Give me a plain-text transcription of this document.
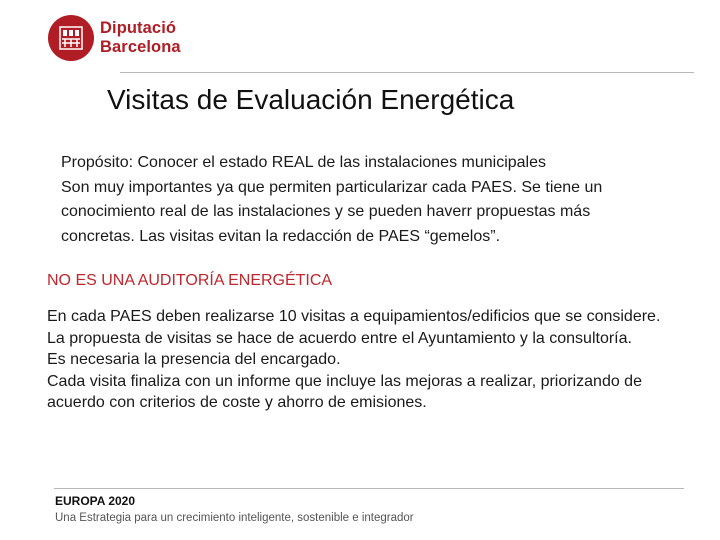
Diputació
Barcelona
Visitas de Evaluación Energética
Propósito: Conocer el estado REAL de las instalaciones municipales
Son muy importantes ya que permiten particularizar cada PAES. Se tiene un
conocimiento real de las instalaciones y se pueden haverr propuestas más
concretas. Las visitas evitan la redacción de PAES “gemelos”.
NO ES UNA AUDITORÍA ENERGÉTICA

En cada PAES deben realizarse 10 visitas a equipamientos/edificios que se considere.

La propuesta de visitas se hace de acuerdo entre el Ayuntamiento y la consultoría.

Es necesaria la presencia del encargado.

Cada visita finaliza con un informe que incluye las mejoras a realizar, priorizando de acuerdo con criterios de coste y ahorro de emisiones.

EUROPA 2020
Una Estrategia para un crecimiento inteligente, sostenible e integrador
